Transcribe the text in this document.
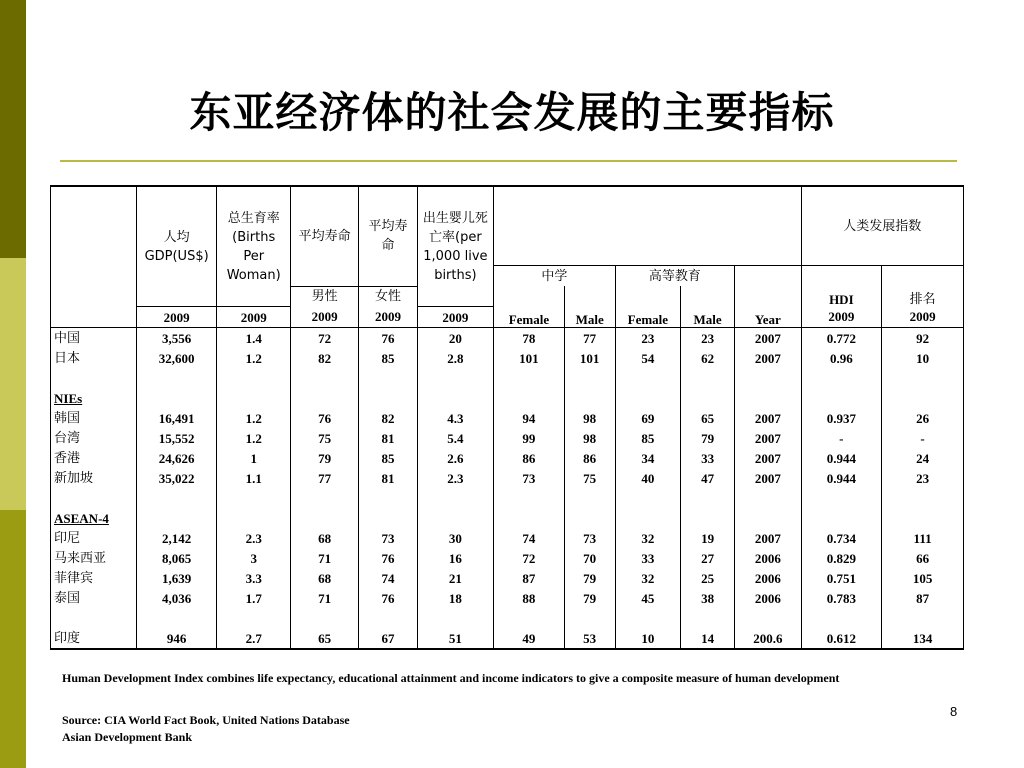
东亚经济体的社会发展的主要指标
	人均GDP(US$)	总生育率(Births Per Woman)	平均寿命	平均寿命	出生婴儿死亡率(per 1,000 live births)						人类发展指数	
						中学		高等教育		Year	HDI	排名
			男性	女性		Female	Male	Female	Male			
	2009	2009	2009	2009	2009						2009	2009
中国	3,556	1.4	72	76	20	78	77	23	23	2007	0.772	92
日本	32,600	1.2	82	85	2.8	101	101	54	62	2007	0.96	10

NIEs												
韩国	16,491	1.2	76	82	4.3	94	98	69	65	2007	0.937	26
台湾	15,552	1.2	75	81	5.4	99	98	85	79	2007	-	-
香港	24,626	1	79	85	2.6	86	86	34	33	2007	0.944	24
新加坡	35,022	1.1	77	81	2.3	73	75	40	47	2007	0.944	23

ASEAN-4												
印尼	2,142	2.3	68	73	30	74	73	32	19	2007	0.734	111
马来西亚	8,065	3	71	76	16	72	70	33	27	2006	0.829	66
菲律宾	1,639	3.3	68	74	21	87	79	32	25	2006	0.751	105
泰国	4,036	1.7	71	76	18	88	79	45	38	2006	0.783	87

印度	946	2.7	65	67	51	49	53	10	14	200.6	0.612	134
Human Development Index combines life expectancy, educational attainment and income indicators to give a composite measure of human development
Source: CIA World Fact Book, United Nations Database
Asian Development Bank
8
